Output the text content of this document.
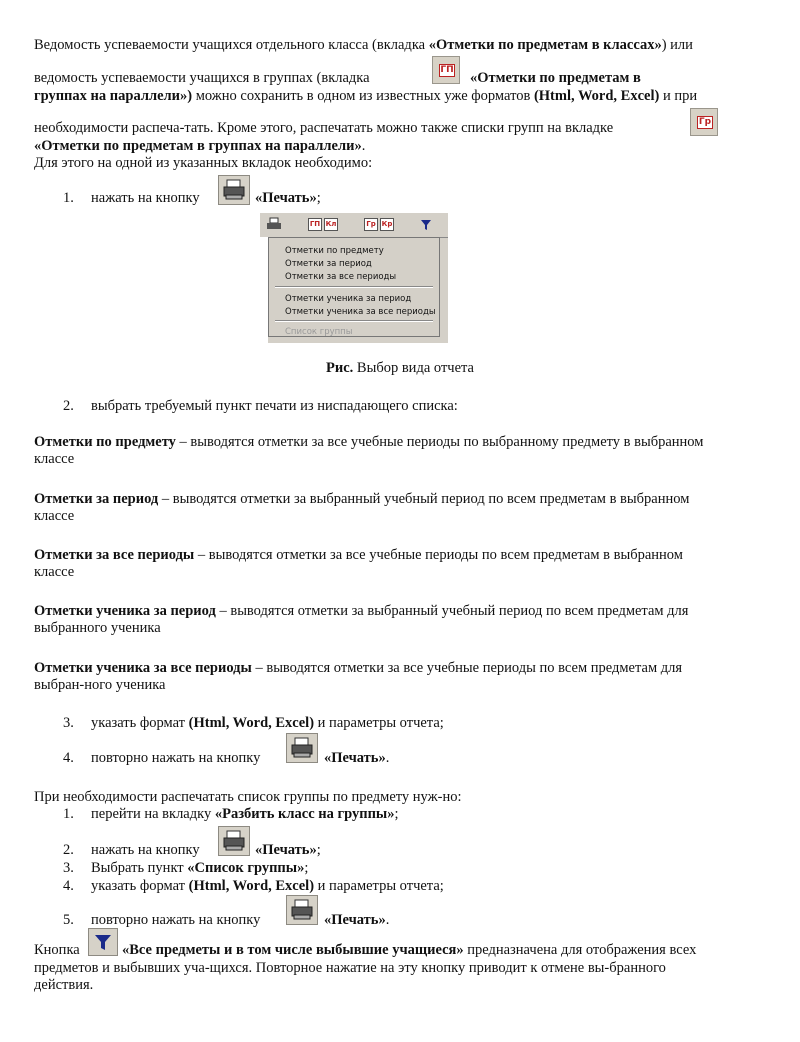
Ведомость успеваемости учащихся отдельного класса (вкладка «Отметки по предметам в классах») или
ведомость успеваемости учащихся в группах (вкладка	ГП «Отметки по предметам в
группах на параллели») можно сохранить в одном из известных уже форматов (Html, Word, Excel) и при
необходимости распеча-тать. Кроме этого, распечатать можно также списки групп на вкладке	Гр
«Отметки по предметам в группах на параллели».
Для этого на одной из указанных вкладок необходимо:
1. нажать на кнопку	«Печать»;
ГП Кл	Гр Кр
Отметки по предмету
Отметки за период
Отметки за все периоды
Отметки ученика за период
Отметки ученика за все периоды
Список группы
Рис. Выбор вида отчета
2. выбрать требуемый пункт печати из ниспадающего списка:
Отметки по предмету – выводятся отметки за все учебные периоды по выбранному предмету в выбранном
классе
Отметки за период – выводятся отметки за выбранный учебный период по всем предметам в выбранном
классе
Отметки за все периоды – выводятся отметки за все учебные периоды по всем предметам в выбранном
классе
Отметки ученика за период – выводятся отметки за выбранный учебный период по всем предметам для
выбранного ученика
Отметки ученика за все периоды – выводятся отметки за все учебные периоды по всем предметам для
выбран-ного ученика
3. указать формат (Html, Word, Excel) и параметры отчета;
4. повторно нажать на кнопку	«Печать».
При необходимости распечатать список группы по предмету нуж-но:
1. перейти на вкладку «Разбить класс на группы»;
2. нажать на кнопку	«Печать»;
3. Выбрать пункт «Список группы»;
4. указать формат (Html, Word, Excel) и параметры отчета;
5. повторно нажать на кнопку	«Печать».
Кнопка	«Все предметы и в том числе выбывшие учащиеся» предназначена для отображения всех
предметов и выбывших уча-щихся. Повторное нажатие на эту кнопку приводит к отмене вы-бранного
действия.
